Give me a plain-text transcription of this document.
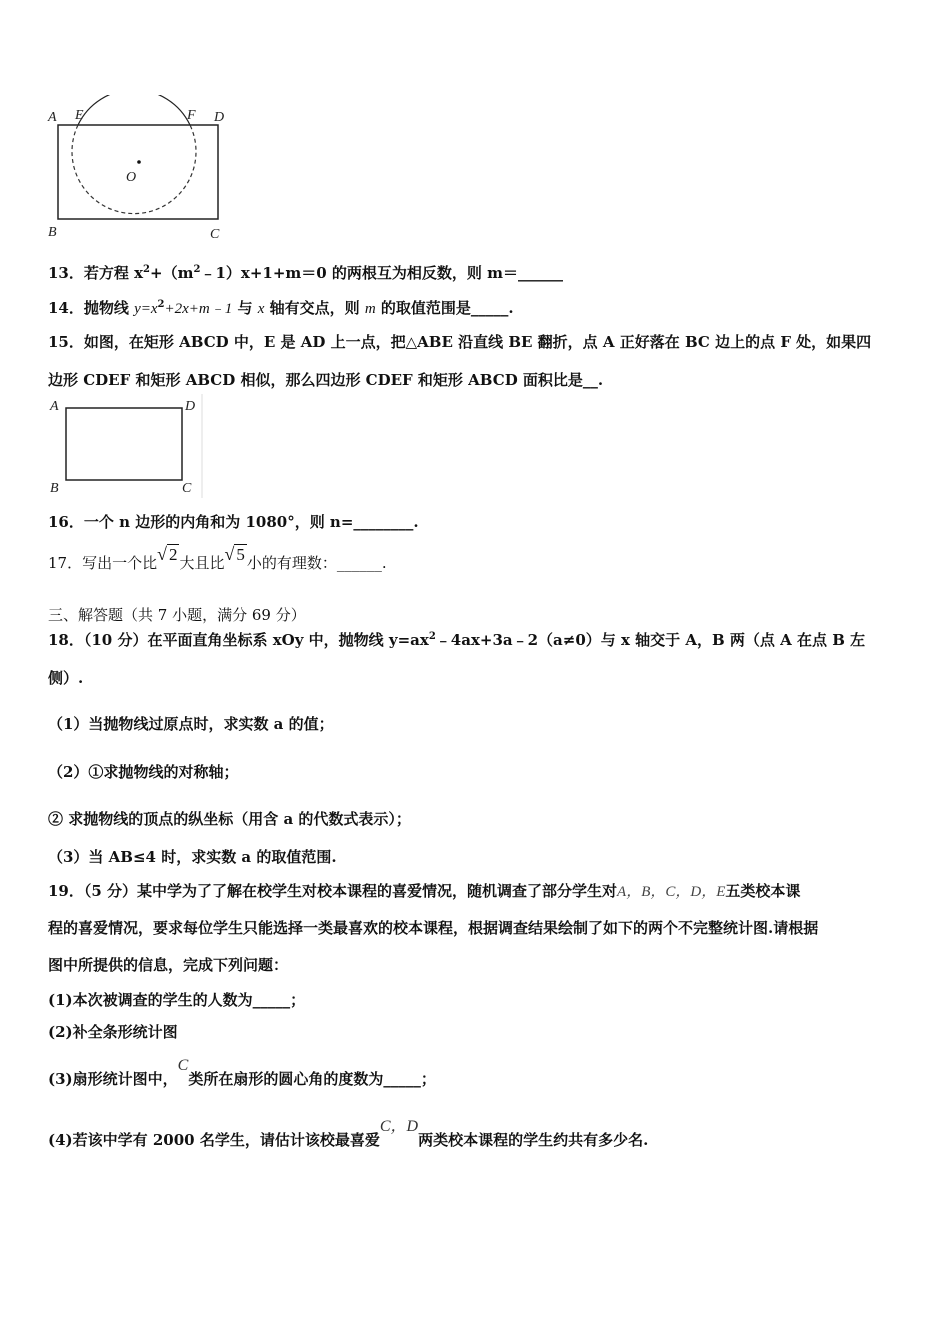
A E	F D
O
B	C
13．若方程 $x^2+(m^2﹣1)x+1+m=0$ 的两根互为相反数，则 m＝______
14．抛物线 $y=x^2+2x+m﹣1$ 与 x 轴有交点，则 m 的取值范围是_____.
15．如图，在矩形 ABCD 中，E 是 AD 上一点，把△ABE 沿直线 BE 翻折，点 A 正好落在 BC 边上的点 F 处，如果四
边形 CDEF 和矩形 ABCD 相似，那么四边形 CDEF 和矩形 ABCD 面积比是__.
A	D
B	C
16．一个 n 边形的内角和为 1080°，则 n=________.
17．写出一个比√ 2 大且比√ 5 小的有理数：______.
三、解答题（共 7 小题，满分 69 分）
18．（10 分）在平面直角坐标系 xOy 中，抛物线 $y=ax^2﹣4ax+3a﹣2(a\ne 0)$与 x 轴交于 A，B 两（点 A 在点 B 左
侧）.
（1）当抛物线过原点时，求实数 a 的值；
（2）①求抛物线的对称轴；
② 求抛物线的顶点的纵坐标（用含 a 的代数式表示）；
（3）当 AB≤4 时，求实数 a 的取值范围.
19．（5 分）某中学为了了解在校学生对校本课程的喜爱情况，随机调查了部分学生对A，B，C，D，E五类校本课
程的喜爱情况，要求每位学生只能选择一类最喜欢的校本课程，根据调查结果绘制了如下的两个不完整统计图.请根据
图中所提供的信息，完成下列问题：
(1)本次被调查的学生的人数为_____；
(2)补全条形统计图
(3)扇形统计图中，C类所在扇形的圆心角的度数为_____；
(4)若该中学有 2000 名学生，请估计该校最喜爱C，D两类校本课程的学生约共有多少名.
